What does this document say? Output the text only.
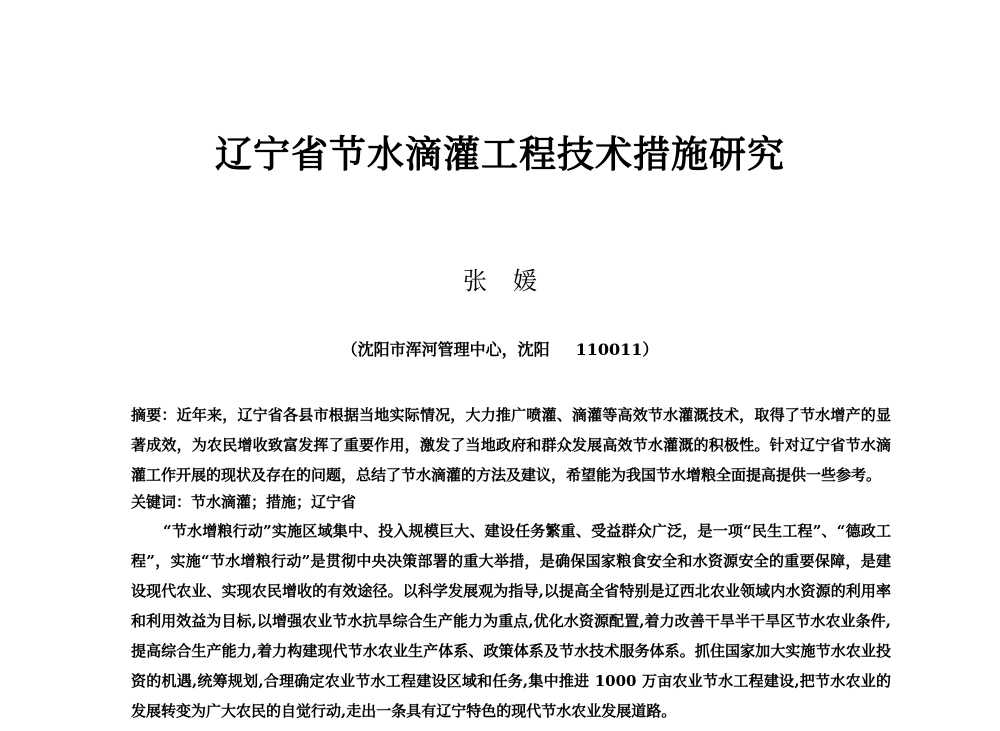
辽宁省节水滴灌工程技术措施研究
张 媛
（沈阳市浑河管理中心，沈阳 110011）
摘要：近年来，辽宁省各县市根据当地实际情况，大力推广喷灌、滴灌等高效节水灌溉技术，取得了节水增产的显著成效，为农民增收致富发挥了重要作用，激发了当地政府和群众发展高效节水灌溉的积极性。针对辽宁省节水滴灌工作开展的现状及存在的问题，总结了节水滴灌的方法及建议，希望能为我国节水增粮全面提高提供一些参考。
关键词：节水滴灌；措施；辽宁省

“节水增粮行动”实施区域集中、投入规模巨大、建设任务繁重、受益群众广泛，是一项“民生工程”、“德政工程”，实施“节水增粮行动”是贯彻中央决策部署的重大举措，是确保国家粮食安全和水资源安全的重要保障，是建设现代农业、实现农民增收的有效途径。以科学发展观为指导,以提高全省特别是辽西北农业领域内水资源的利用率和利用效益为目标,以增强农业节水抗旱综合生产能力为重点,优化水资源配置,着力改善干旱半干旱区节水农业条件,提高综合生产能力,着力构建现代节水农业生产体系、政策体系及节水技术服务体系。抓住国家加大实施节水农业投资的机遇,统筹规划,合理确定农业节水工程建设区域和任务,集中推进 1000 万亩农业节水工程建设,把节水农业的发展转变为广大农民的自觉行动,走出一条具有辽宁特色的现代节水农业发展道路。
